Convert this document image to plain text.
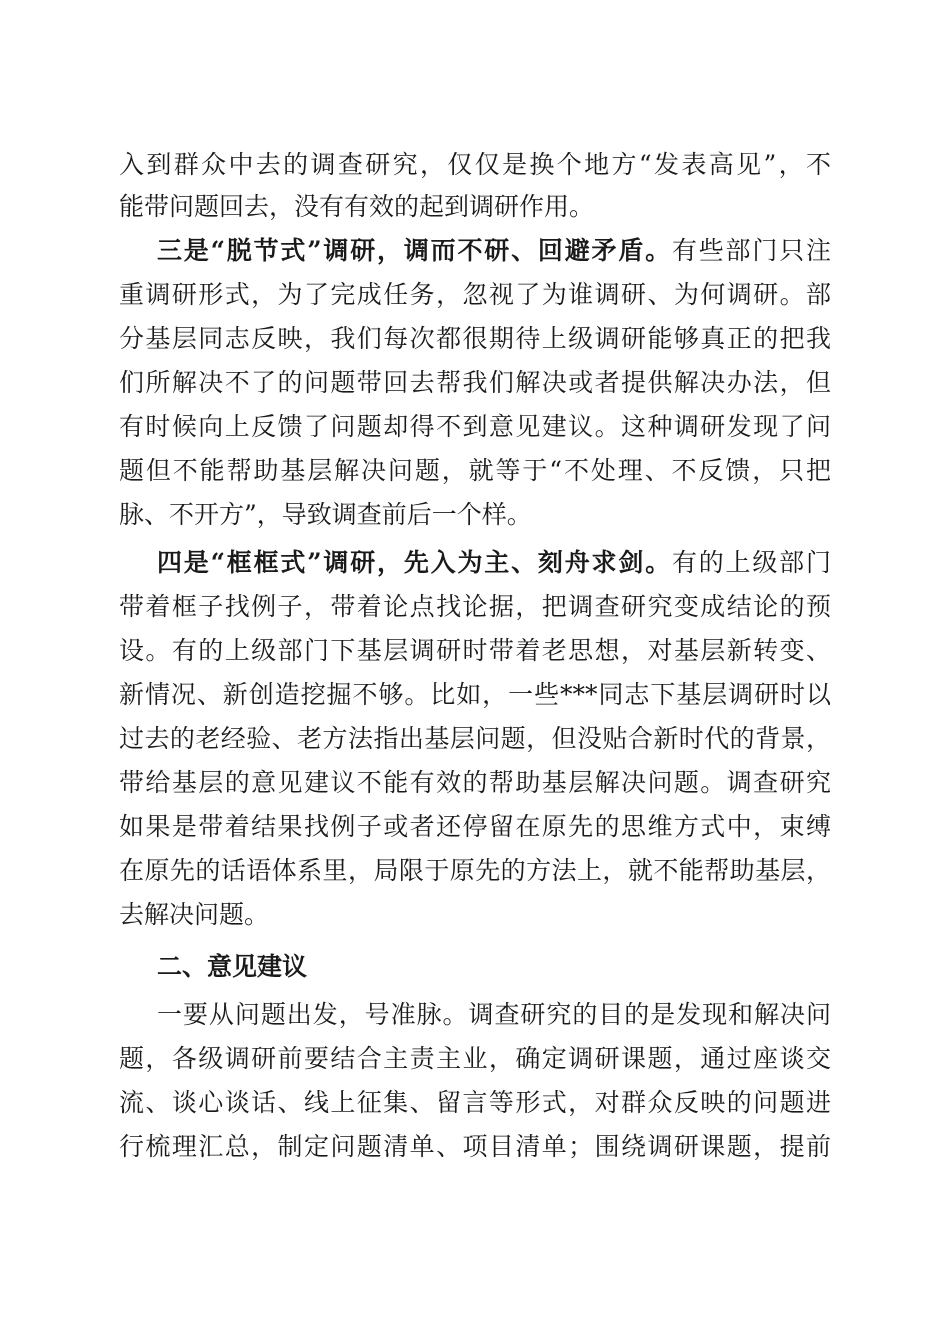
入到群众中去的调查研究，仅仅是换个地方“发表高见”，不
能带问题回去，没有有效的起到调研作用。
三是“脱节式”调研，调而不研、回避矛盾。有些部门只注
重调研形式，为了完成任务，忽视了为谁调研、为何调研。部
分基层同志反映，我们每次都很期待上级调研能够真正的把我
们所解决不了的问题带回去帮我们解决或者提供解决办法，但
有时候向上反馈了问题却得不到意见建议。这种调研发现了问
题但不能帮助基层解决问题，就等于“不处理、不反馈，只把
脉、不开方”，导致调查前后一个样。
四是“框框式”调研，先入为主、刻舟求剑。有的上级部门
带着框子找例子，带着论点找论据，把调查研究变成结论的预
设。有的上级部门下基层调研时带着老思想，对基层新转变、
新情况、新创造挖掘不够。比如，一些***同志下基层调研时以
过去的老经验、老方法指出基层问题，但没贴合新时代的背景，
带给基层的意见建议不能有效的帮助基层解决问题。调查研究
如果是带着结果找例子或者还停留在原先的思维方式中，束缚
在原先的话语体系里，局限于原先的方法上，就不能帮助基层，
去解决问题。
二、意见建议
一要从问题出发，号准脉。调查研究的目的是发现和解决问
题，各级调研前要结合主责主业，确定调研课题，通过座谈交
流、谈心谈话、线上征集、留言等形式，对群众反映的问题进
行梳理汇总，制定问题清单、项目清单；围绕调研课题，提前
